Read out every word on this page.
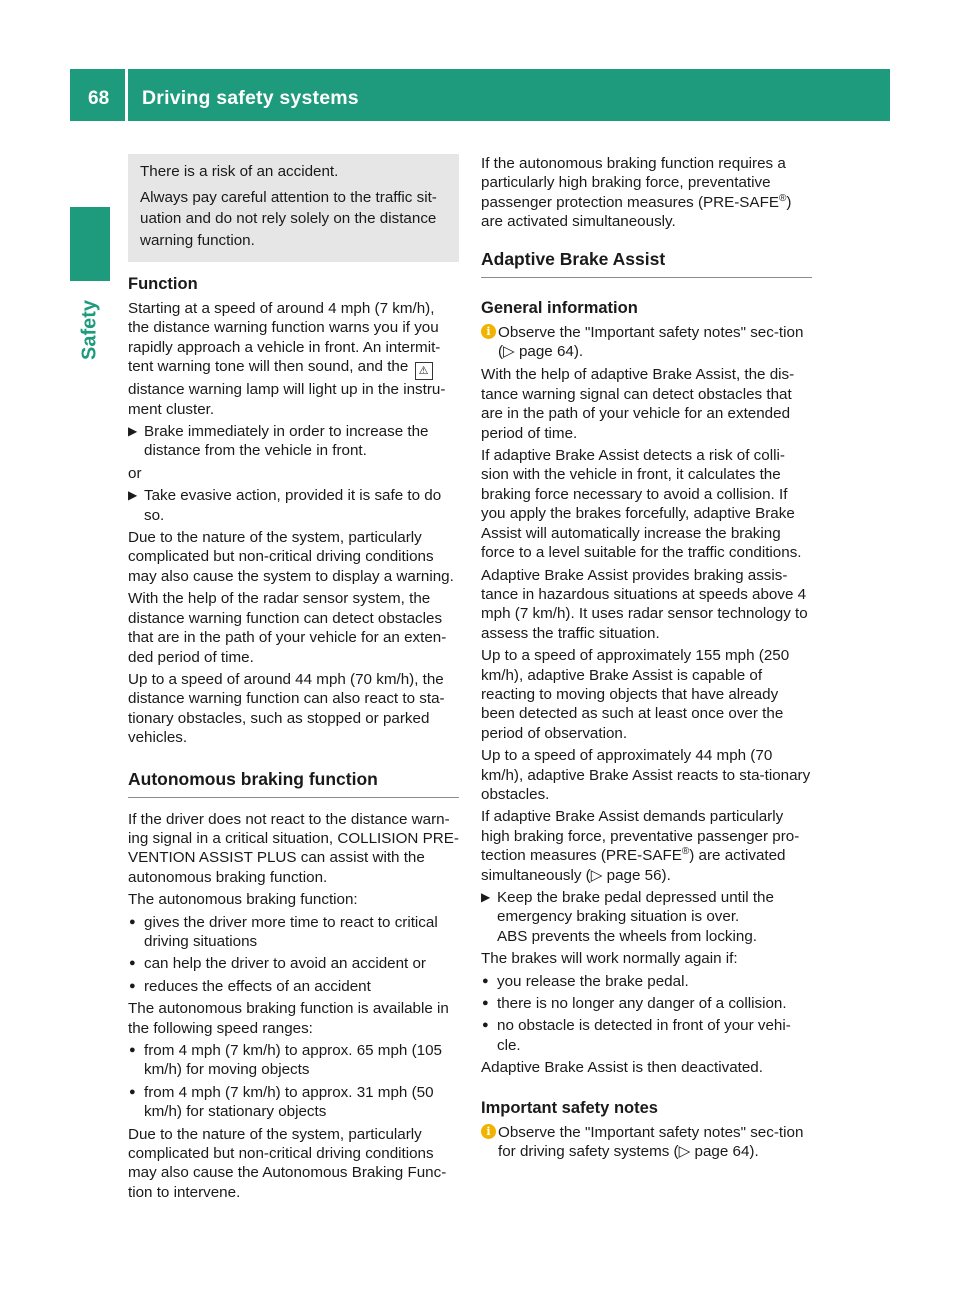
68 Driving safety systems
Safety

There is a risk of an accident.

Always pay careful attention to the traffic sit-uation and do not rely solely on the distance warning function.

Function

Starting at a speed of around 4 mph (7 km/h), the distance warning function warns you if you rapidly approach a vehicle in front. An intermit-tent warning tone will then sound, and the ⚠ distance warning lamp will light up in the instru-ment cluster.

▶ Brake immediately in order to increase the distance from the vehicle in front.

or

▶ Take evasive action, provided it is safe to do so.

Due to the nature of the system, particularly complicated but non-critical driving conditions may also cause the system to display a warning.

With the help of the radar sensor system, the distance warning function can detect obstacles that are in the path of your vehicle for an exten-ded period of time.

Up to a speed of around 44 mph (70 km/h), the distance warning function can also react to sta-tionary obstacles, such as stopped or parked vehicles.

Autonomous braking function

If the driver does not react to the distance warn-ing signal in a critical situation, COLLISION PRE-VENTION ASSIST PLUS can assist with the autonomous braking function.

The autonomous braking function:

● gives the driver more time to react to critical driving situations
● can help the driver to avoid an accident or
● reduces the effects of an accident

The autonomous braking function is available in the following speed ranges:

● from 4 mph (7 km/h) to approx. 65 mph (105 km/h) for moving objects
● from 4 mph (7 km/h) to approx. 31 mph (50 km/h) for stationary objects

Due to the nature of the system, particularly complicated but non-critical driving conditions may also cause the Autonomous Braking Func-tion to intervene.

If the autonomous braking function requires a particularly high braking force, preventative passenger protection measures (PRE-SAFE®) are activated simultaneously.

Adaptive Brake Assist
General information
i Observe the "Important safety notes" sec-tion (▷ page 64).

With the help of adaptive Brake Assist, the dis-tance warning signal can detect obstacles that are in the path of your vehicle for an extended period of time.

If adaptive Brake Assist detects a risk of colli-sion with the vehicle in front, it calculates the braking force necessary to avoid a collision. If you apply the brakes forcefully, adaptive Brake Assist will automatically increase the braking force to a level suitable for the traffic conditions.

Adaptive Brake Assist provides braking assis-tance in hazardous situations at speeds above 4 mph (7 km/h). It uses radar sensor technology to assess the traffic situation.

Up to a speed of approximately 155 mph (250 km/h), adaptive Brake Assist is capable of reacting to moving objects that have already been detected as such at least once over the period of observation.

Up to a speed of approximately 44 mph (70 km/h), adaptive Brake Assist reacts to sta-tionary obstacles.

If adaptive Brake Assist demands particularly high braking force, preventative passenger pro-tection measures (PRE-SAFE®) are activated simultaneously (▷ page 56).

▶ Keep the brake pedal depressed until the emergency braking situation is over.
ABS prevents the wheels from locking.

The brakes will work normally again if:

● you release the brake pedal.
● there is no longer any danger of a collision.
● no obstacle is detected in front of your vehi-cle.

Adaptive Brake Assist is then deactivated.

Important safety notes
i Observe the "Important safety notes" sec-tion for driving safety systems (▷ page 64).
